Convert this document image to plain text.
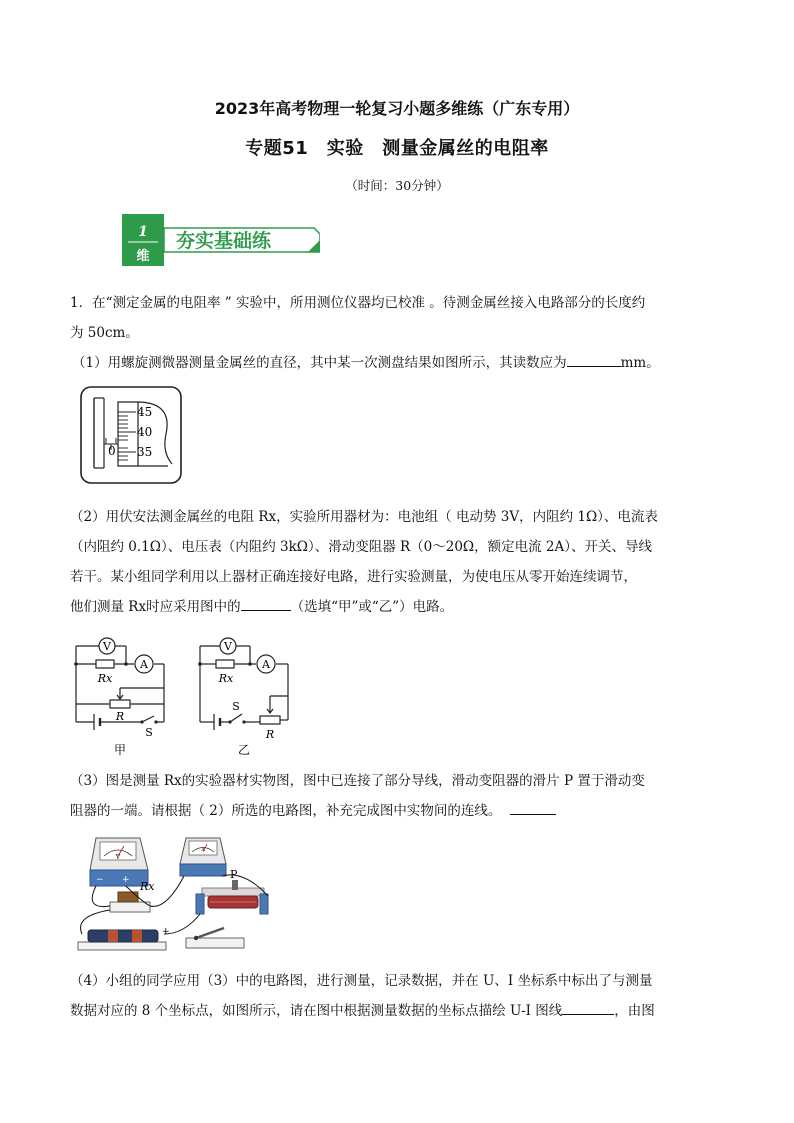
2023年高考物理一轮复习小题多维练（广东专用）
专题51　实验　测量金属丝的电阻率
（时间：30分钟）
1
维
夯实基础练
1．在“测定金属的电阻率 ” 实验中，所用测位仪器均已校准 。待测金属丝接入电路部分的长度约
为 50cm。
（1）用螺旋测微器测量金属丝的直径，其中某一次测盘结果如图所示，其读数应为	mm。
0
45
40
35
（2）用伏安法测金属丝的电阻 Rx，实验所用器材为：电池组（ 电动势 3V，内阻约 1Ω）、电流表
（内阻约 0.1Ω）、电压表（内阻约 3kΩ）、滑动变阻器 R（0～20Ω，额定电流 2A）、开关、导线
若干。某小组同学利用以上器材正确连接好电路，进行实验测量，为使电压从零开始连续调节，
他们测量 Rx时应采用图中的	（选填“甲”或“乙”）电路。
V
A
Rx
R
S
甲
V
A
Rx
S
R
乙
（3）图是测量 Rx的实验器材实物图，图中已连接了部分导线，滑动变阻器的滑片 P 置于滑动变
阻器的一端。请根据（ 2）所选的电路图，补充完成图中实物间的连线。
V
− +
A
Rx
P
+
（4）小组的同学应用（3）中的电路图，进行测量，记录数据，并在 U、I 坐标系中标出了与测量
数据对应的 8 个坐标点，如图所示，请在图中根据测量数据的坐标点描绘 U-I 图线	，由图
